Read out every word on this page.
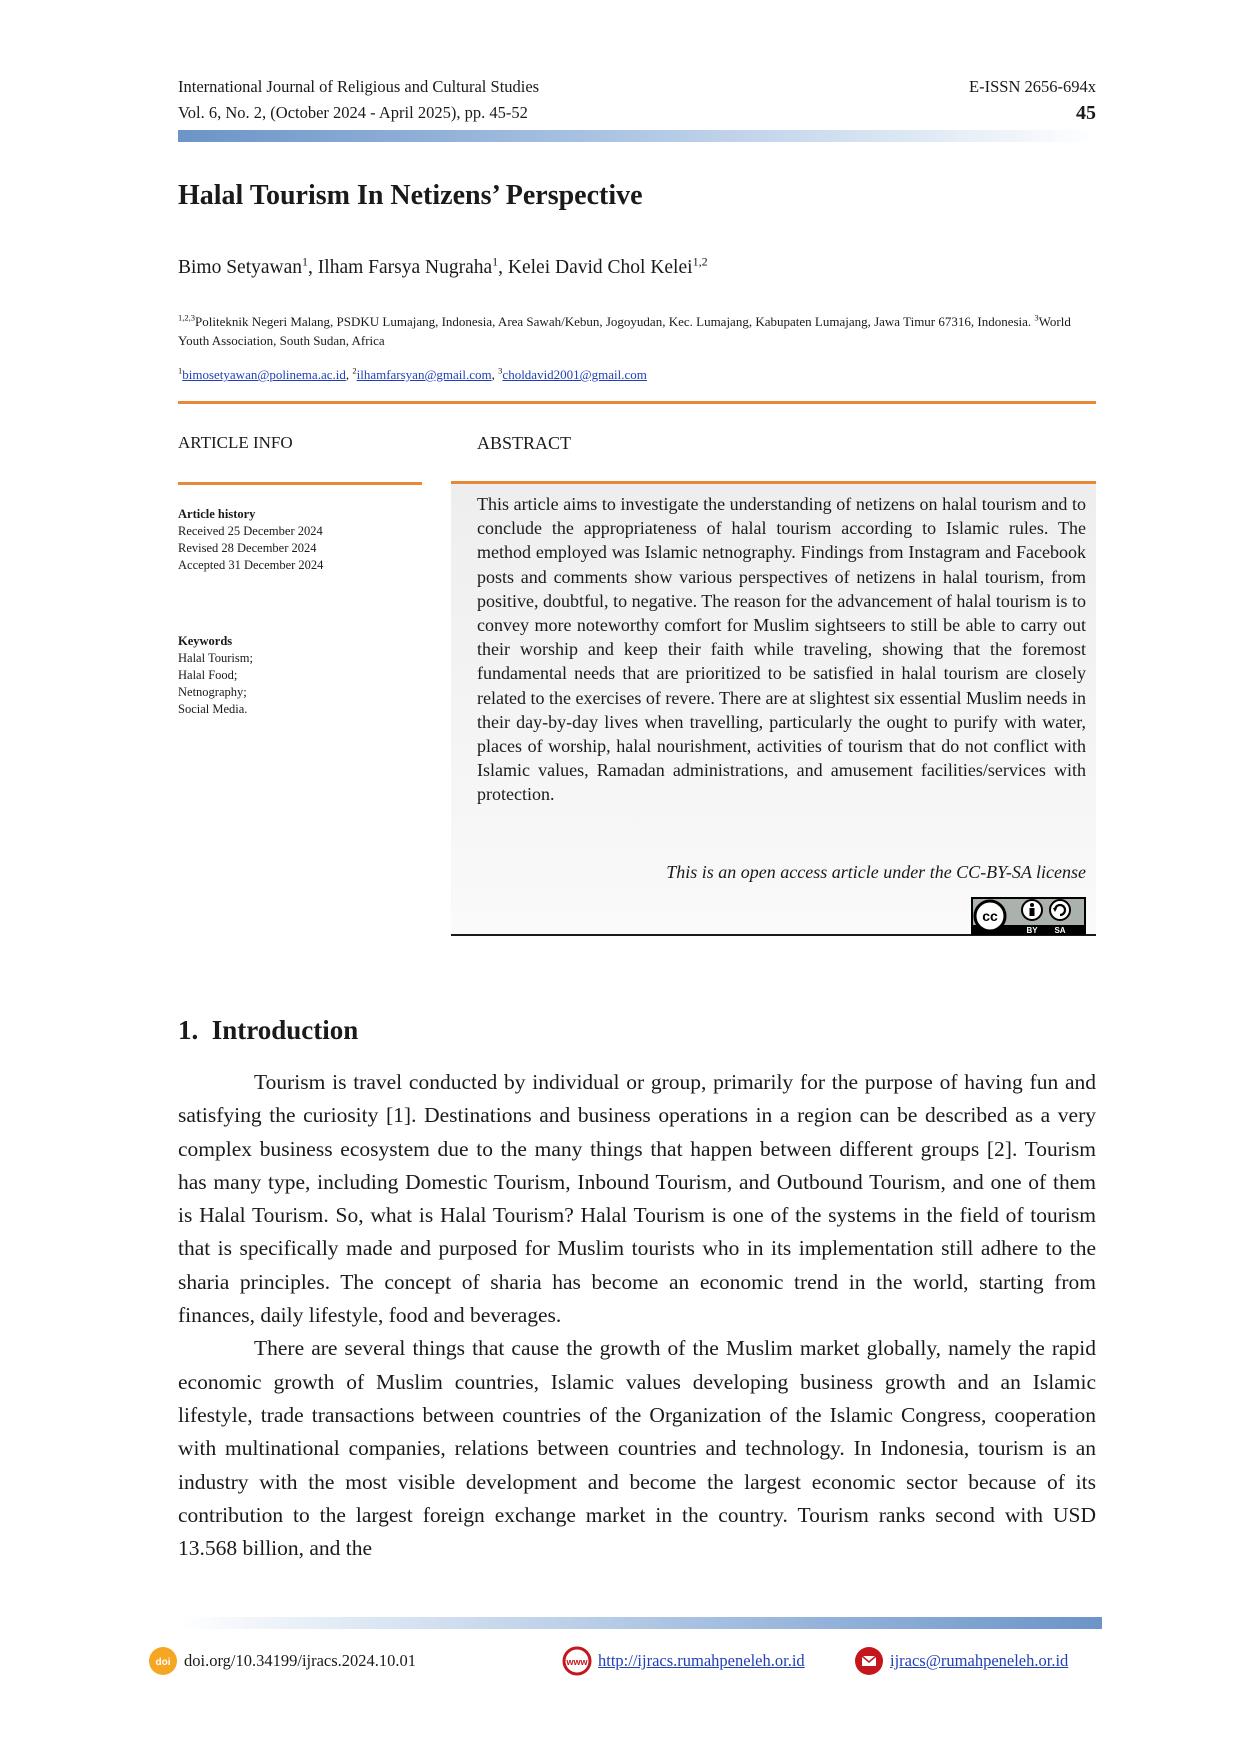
International Journal of Religious and Cultural Studies
Vol. 6, No. 2, (October 2024 - April 2025), pp. 45-52
E-ISSN 2656-694x
45
Halal Tourism In Netizens’ Perspective
Bimo Setyawan$^1$, Ilham Farsya Nugraha$^1$, Kelei David Chol Kelei$^{1,2}$
$^{1,2,3}$Politeknik Negeri Malang, PSDKU Lumajang, Indonesia, Area Sawah/Kebun, Jogoyudan, Kec. Lumajang, Kabupaten Lumajang, Jawa Timur 67316, Indonesia. $^3$World Youth Association, South Sudan, Africa
$^1$bimosetyawan@polinema.ac.id, $^2$ilhamfarsyan@gmail.com, $^3$choldavid2001@gmail.com
ARTICLE INFO	ABSTRACT
Article history
Received 25 December 2024
Revised 28 December 2024
Accepted 31 December 2024
Keywords
Halal Tourism;
Halal Food;
Netnography;
Social Media.
This article aims to investigate the understanding of netizens on halal tourism and to conclude the appropriateness of halal tourism according to Islamic rules. The method employed was Islamic netnography. Findings from Instagram and Facebook posts and comments show various perspectives of netizens in halal tourism, from positive, doubtful, to negative. The reason for the advancement of halal tourism is to convey more noteworthy comfort for Muslim sightseers to still be able to carry out their worship and keep their faith while traveling, showing that the foremost fundamental needs that are prioritized to be satisfied in halal tourism are closely related to the exercises of revere. There are at slightest six essential Muslim needs in their day-by-day lives when travelling, particularly the ought to purify with water, places of worship, halal nourishment, activities of tourism that do not conflict with Islamic values, Ramadan administrations, and amusement facilities/services with protection.
This is an open access article under the CC-BY-SA license
cc
BY SA
1.  Introduction

Tourism is travel conducted by individual or group, primarily for the purpose of having fun and satisfying the curiosity [1]. Destinations and business operations in a region can be described as a very complex business ecosystem due to the many things that happen between different groups [2]. Tourism has many type, including Domestic Tourism, Inbound Tourism, and Outbound Tourism, and one of them is Halal Tourism. So, what is Halal Tourism? Halal Tourism is one of the systems in the field of tourism that is specifically made and purposed for Muslim tourists who in its implementation still adhere to the sharia principles. The concept of sharia has become an economic trend in the world, starting from finances, daily lifestyle, food and beverages.

There are several things that cause the growth of the Muslim market globally, namely the rapid economic growth of Muslim countries, Islamic values developing business growth and an Islamic lifestyle, trade transactions between countries of the Organization of the Islamic Congress, cooperation with multinational companies, relations between countries and technology. In Indonesia, tourism is an industry with the most visible development and become the largest economic sector because of its contribution to the largest foreign exchange market in the country. Tourism ranks second with USD 13.568 billion, and the

doi doi.org/10.34199/ijracs.2024.10.01	www http://ijracs.rumahpeneleh.or.id	ijracs@rumahpeneleh.or.id
